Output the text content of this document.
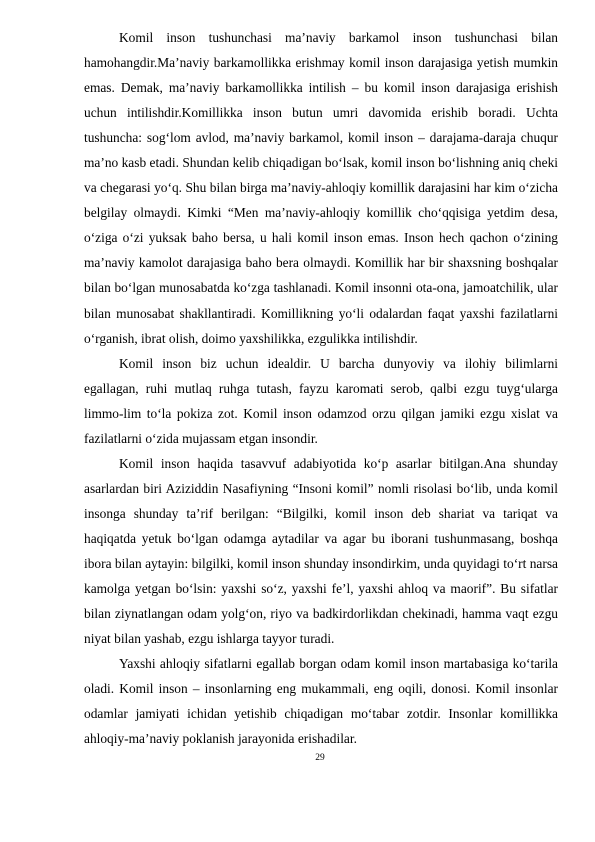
Komil inson tushunchasi ma’naviy barkamol inson tushunchasi bilan hamohangdir.Ma’naviy barkamollikka erishmay komil inson darajasiga yetish mumkin emas. Demak, ma’naviy barkamollikka intilish – bu komil inson darajasiga erishish uchun intilishdir.Komillikka inson butun umri davomida erishib boradi. Uchta tushuncha: sog‘lom avlod, ma’naviy barkamol, komil inson – darajama-daraja chuqur ma’no kasb etadi. Shundan kelib chiqadigan bo‘lsak, komil inson bo‘lishning aniq cheki va chegarasi yo‘q. Shu bilan birga ma’naviy-ahloqiy komillik darajasini har kim o‘zicha belgilay olmaydi. Kimki “Men ma’naviy-ahloqiy komillik cho‘qqisiga yetdim desa, o‘ziga o‘zi yuksak baho bersa, u hali komil inson emas. Inson hech qachon o‘zining ma’naviy kamolot darajasiga baho bera olmaydi. Komillik har bir shaxsning boshqalar bilan bo‘lgan munosabatda ko‘zga tashlanadi. Komil insonni ota-ona, jamoatchilik, ular bilan munosabat shakllantiradi. Komillikning yo‘li odalardan faqat yaxshi fazilatlarni o‘rganish, ibrat olish, doimo yaxshilikka, ezgulikka intilishdir.

Komil inson biz uchun idealdir. U barcha dunyoviy va ilohiy bilimlarni egallagan, ruhi mutlaq ruhga tutash, fayzu karomati serob, qalbi ezgu tuyg‘ularga limmo-lim to‘la pokiza zot. Komil inson odamzod orzu qilgan jamiki ezgu xislat va fazilatlarni o‘zida mujassam etgan insondir.

Komil inson haqida tasavvuf adabiyotida ko‘p asarlar bitilgan.Ana shunday asarlardan biri Aziziddin Nasafiyning “Insoni komil” nomli risolasi bo‘lib, unda komil insonga shunday ta’rif berilgan: “Bilgilki, komil inson deb shariat va tariqat va haqiqatda yetuk bo‘lgan odamga aytadilar va agar bu iborani tushunmasang, boshqa ibora bilan aytayin: bilgilki, komil inson shunday insondirkim, unda quyidagi to‘rt narsa kamolga yetgan bo‘lsin: yaxshi so‘z, yaxshi fe’l, yaxshi ahloq va maorif”. Bu sifatlar bilan ziynatlangan odam yolg‘on, riyo va badkirdorlikdan chekinadi, hamma vaqt ezgu niyat bilan yashab, ezgu ishlarga tayyor turadi.

Yaxshi ahloqiy sifatlarni egallab borgan odam komil inson martabasiga ko‘tarila oladi. Komil inson – insonlarning eng mukammali, eng oqili, donosi. Komil insonlar odamlar jamiyati ichidan yetishib chiqadigan mo‘tabar zotdir. Insonlar komillikka ahloqiy-ma’naviy poklanish jarayonida erishadilar.

29
